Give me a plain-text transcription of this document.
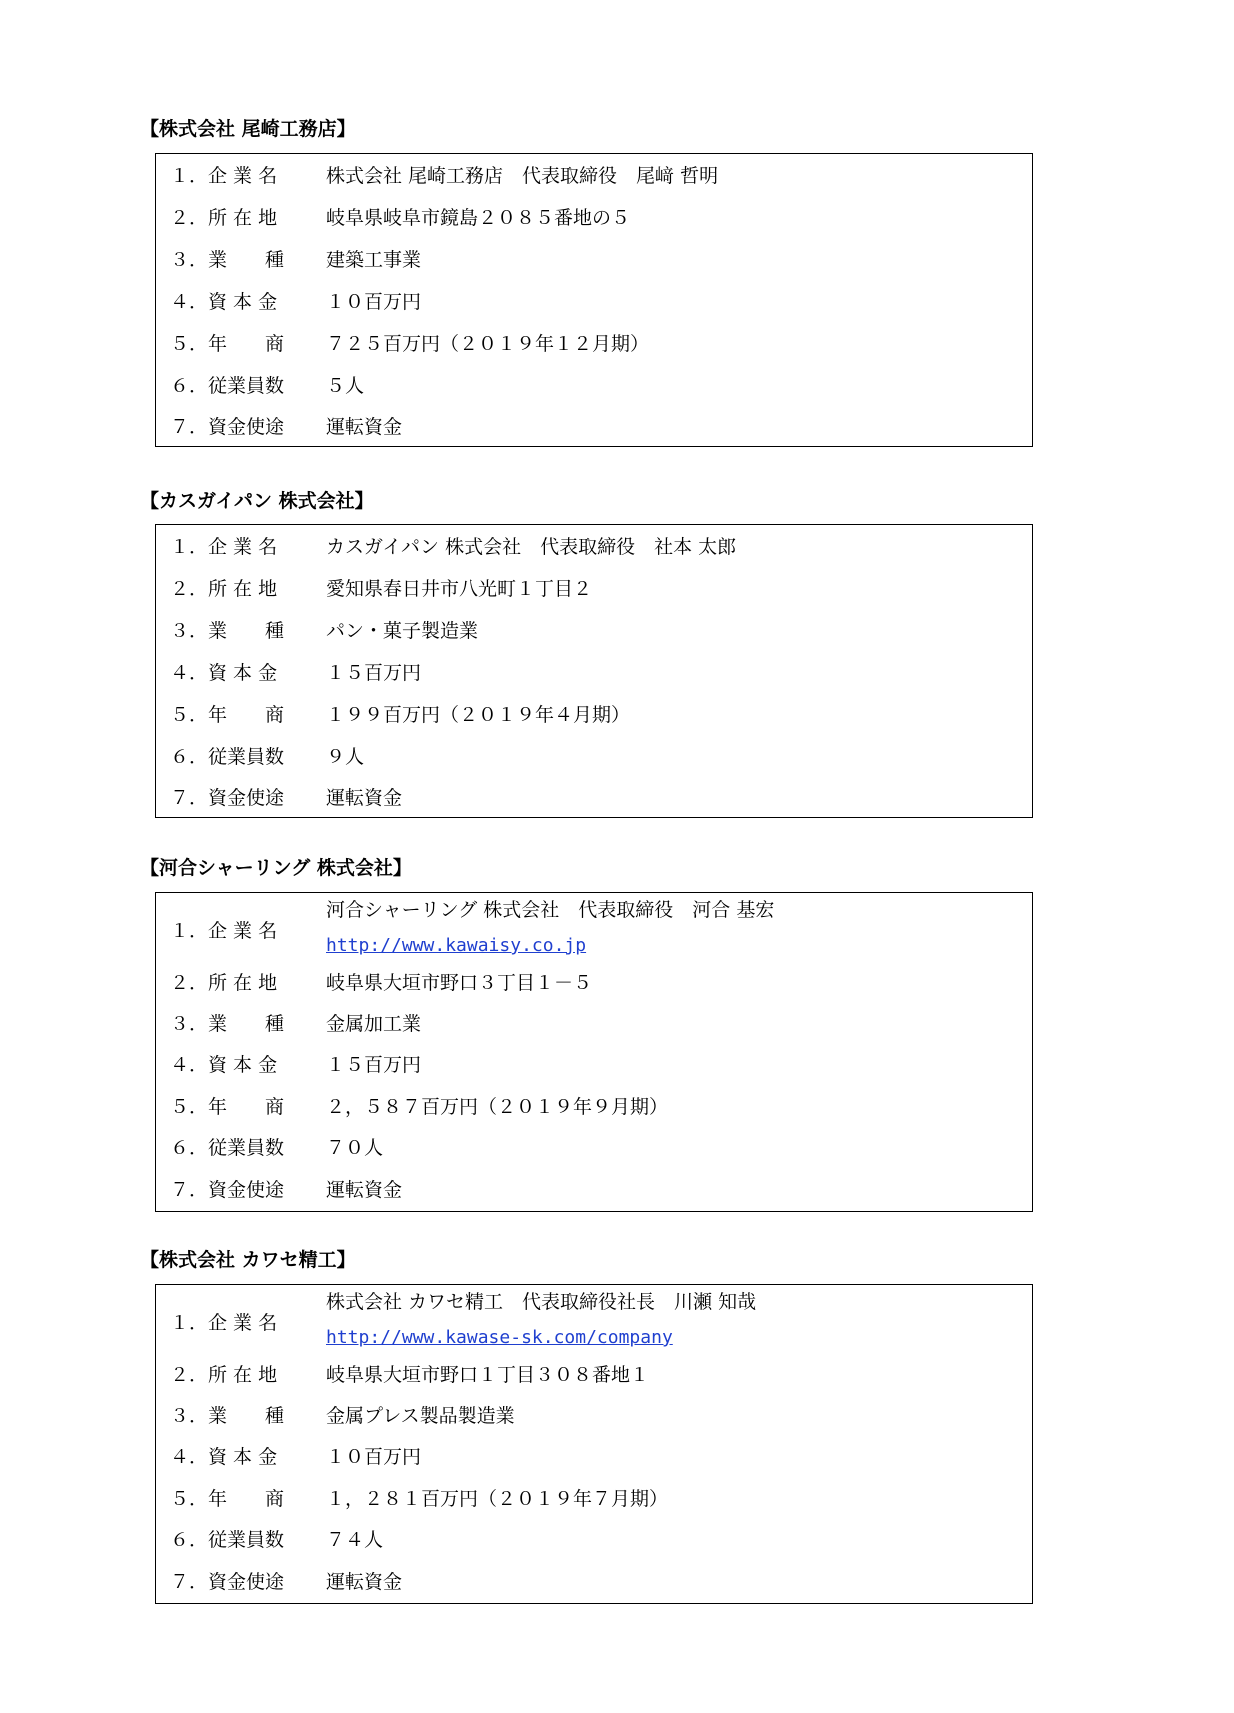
【株式会社 尾崎工務店】
１．企 業 名	株式会社 尾崎工務店　代表取締役　尾﨑 哲明
２．所 在 地	岐阜県岐阜市鏡島２０８５番地の５
３．業　　種	建築工事業
４．資 本 金	１０百万円
５．年　　商	７２５百万円（２０１９年１２月期）
６．従業員数	５人
７．資金使途	運転資金
【カスガイパン 株式会社】
１．企 業 名	カスガイパン 株式会社　代表取締役　社本 太郎
２．所 在 地	愛知県春日井市八光町１丁目２
３．業　　種	パン・菓子製造業
４．資 本 金	１５百万円
５．年　　商	１９９百万円（２０１９年４月期）
６．従業員数	９人
７．資金使途	運転資金
【河合シャーリング 株式会社】
１．企 業 名
河合シャーリング 株式会社　代表取締役　河合 基宏
http://www.kawaisy.co.jp
２．所 在 地	岐阜県大垣市野口３丁目１－５
３．業　　種	金属加工業
４．資 本 金	１５百万円
５．年　　商	２，５８７百万円（２０１９年９月期）
６．従業員数	７０人
７．資金使途	運転資金
【株式会社 カワセ精工】
１．企 業 名
株式会社 カワセ精工　代表取締役社長　川瀬 知哉
http://www.kawase-sk.com/company
２．所 在 地	岐阜県大垣市野口１丁目３０８番地１
３．業　　種	金属プレス製品製造業
４．資 本 金	１０百万円
５．年　　商	１，２８１百万円（２０１９年７月期）
６．従業員数	７４人
７．資金使途	運転資金
